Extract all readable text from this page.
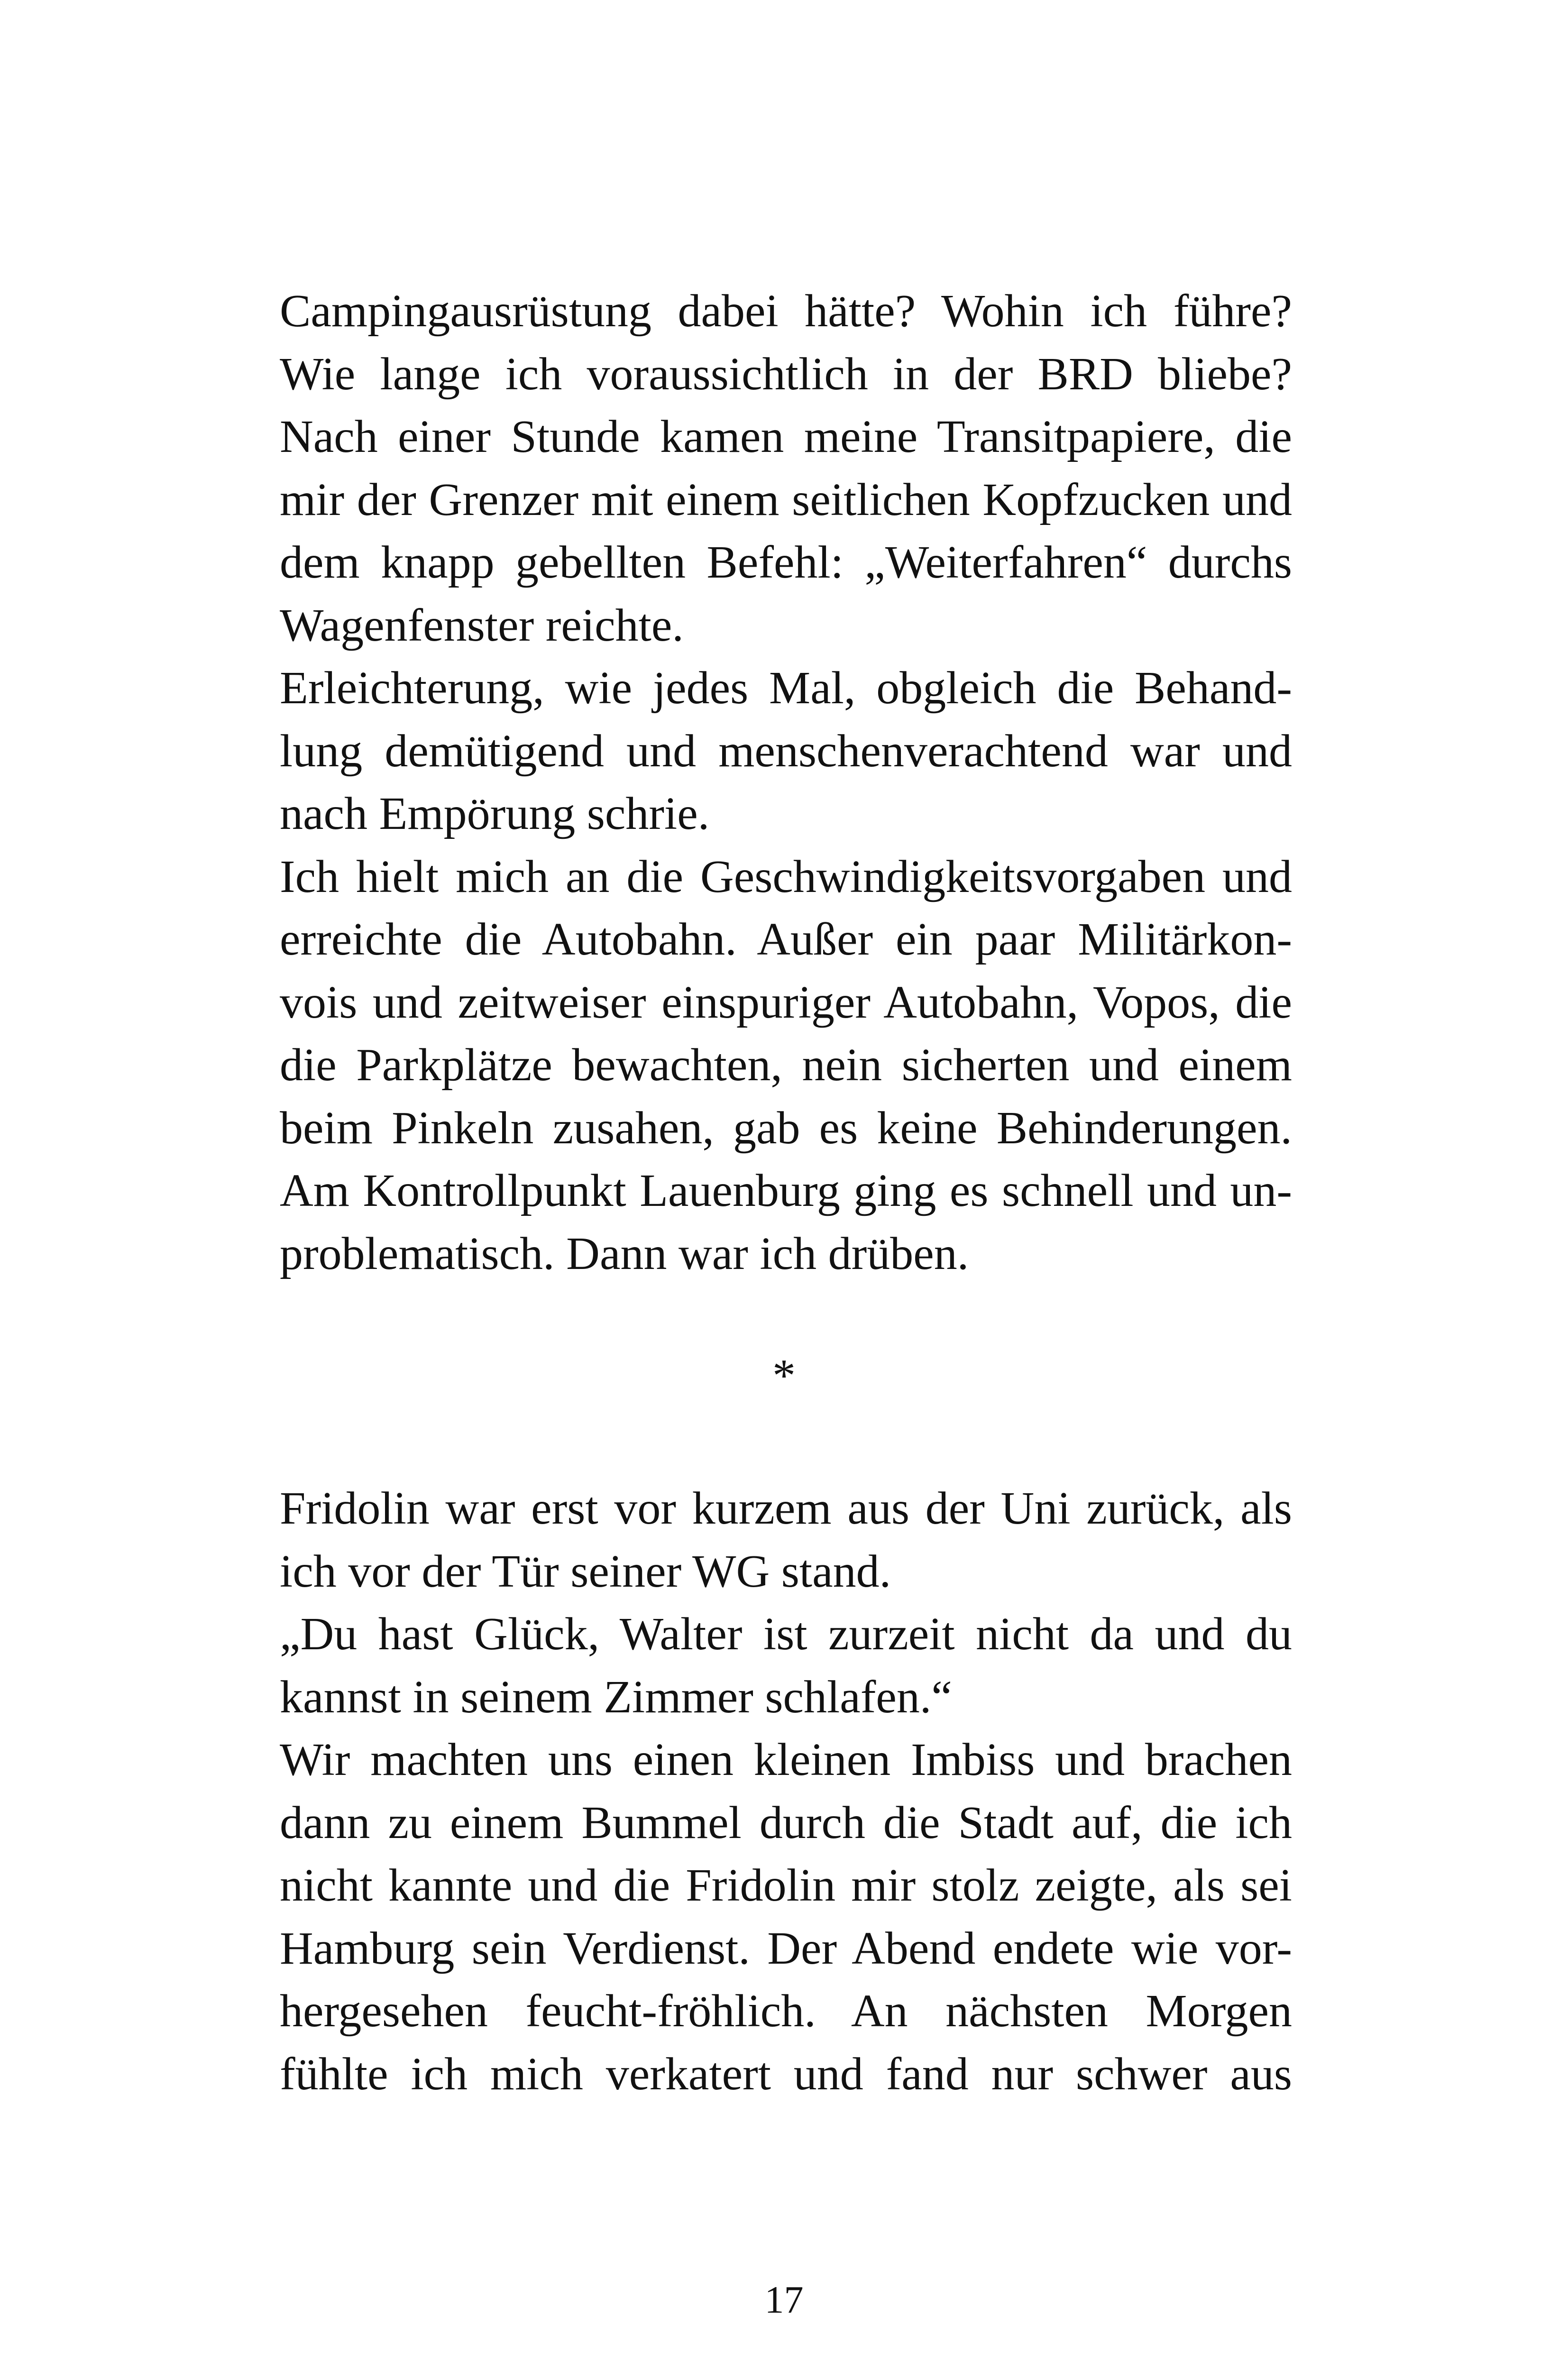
Campingausrüstung dabei hätte? Wohin ich führe?
Wie lange ich voraussichtlich in der BRD bliebe?
Nach einer Stunde kamen meine Transitpapiere, die
mir der Grenzer mit einem seitlichen Kopfzucken und
dem knapp gebellten Befehl: „Weiterfahren“ durchs
Wagenfenster reichte.
Erleichterung, wie jedes Mal, obgleich die Behand-
lung demütigend und menschenverachtend war und
nach Empörung schrie.
Ich hielt mich an die Geschwindigkeitsvorgaben und
erreichte die Autobahn. Außer ein paar Militärkon-
vois und zeitweiser einspuriger Autobahn, Vopos, die
die Parkplätze bewachten, nein sicherten und einem
beim Pinkeln zusahen, gab es keine Behinderungen.
Am Kontrollpunkt Lauenburg ging es schnell und un-
problematisch. Dann war ich drüben.
*
Fridolin war erst vor kurzem aus der Uni zurück, als
ich vor der Tür seiner WG stand.
„Du hast Glück, Walter ist zurzeit nicht da und du
kannst in seinem Zimmer schlafen.“
Wir machten uns einen kleinen Imbiss und brachen
dann zu einem Bummel durch die Stadt auf, die ich
nicht kannte und die Fridolin mir stolz zeigte, als sei
Hamburg sein Verdienst. Der Abend endete wie vor-
hergesehen feucht-fröhlich. An nächsten Morgen
fühlte ich mich verkatert und fand nur schwer aus
17
